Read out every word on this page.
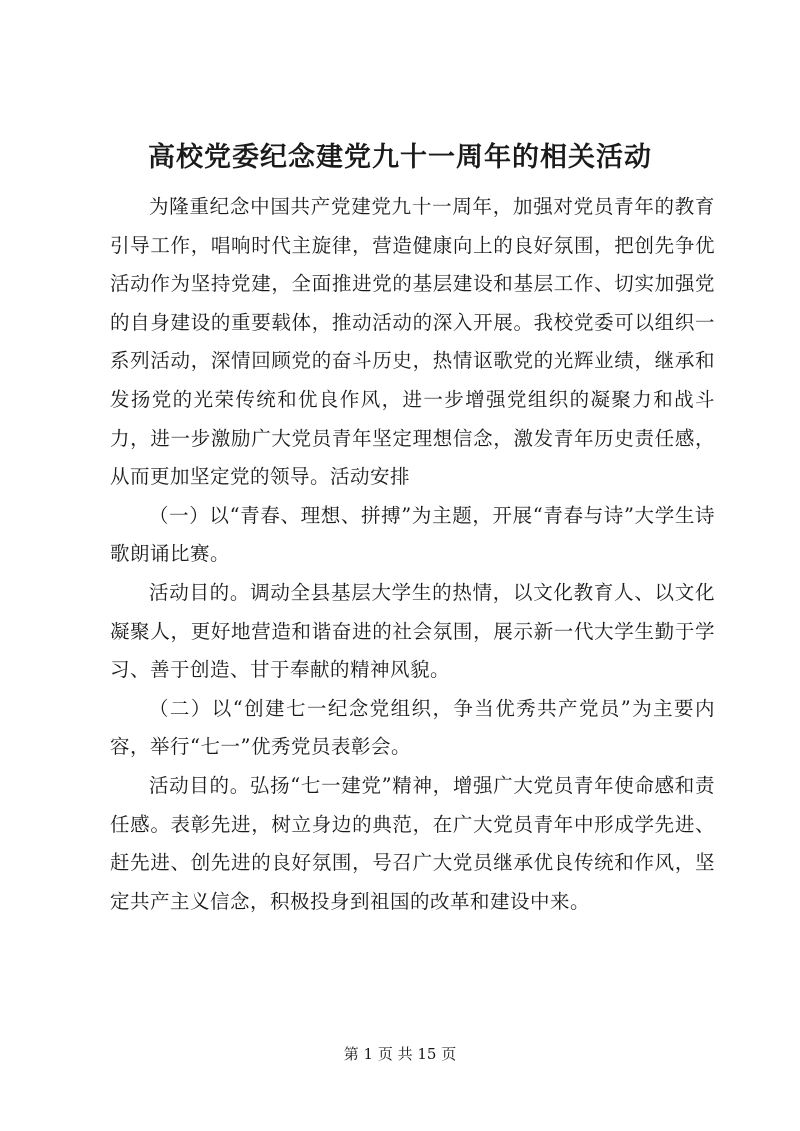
高校党委纪念建党九十一周年的相关活动

为隆重纪念中国共产党建党九十一周年，加强对党员青年的教育引导工作，唱响时代主旋律，营造健康向上的良好氛围，把创先争优活动作为坚持党建，全面推进党的基层建设和基层工作、切实加强党的自身建设的重要载体，推动活动的深入开展。我校党委可以组织一系列活动，深情回顾党的奋斗历史，热情讴歌党的光辉业绩，继承和发扬党的光荣传统和优良作风，进一步增强党组织的凝聚力和战斗力，进一步激励广大党员青年坚定理想信念，激发青年历史责任感，从而更加坚定党的领导。活动安排

（一）以“青春、理想、拼搏”为主题，开展“青春与诗”大学生诗歌朗诵比赛。

活动目的。调动全县基层大学生的热情，以文化教育人、以文化凝聚人，更好地营造和谐奋进的社会氛围，展示新一代大学生勤于学习、善于创造、甘于奉献的精神风貌。

（二）以“创建七一纪念党组织，争当优秀共产党员”为主要内容，举行“七一”优秀党员表彰会。

活动目的。弘扬“七一建党”精神，增强广大党员青年使命感和责任感。表彰先进，树立身边的典范，在广大党员青年中形成学先进、赶先进、创先进的良好氛围，号召广大党员继承优良传统和作风，坚定共产主义信念，积极投身到祖国的改革和建设中来。

第 1 页 共 15 页
